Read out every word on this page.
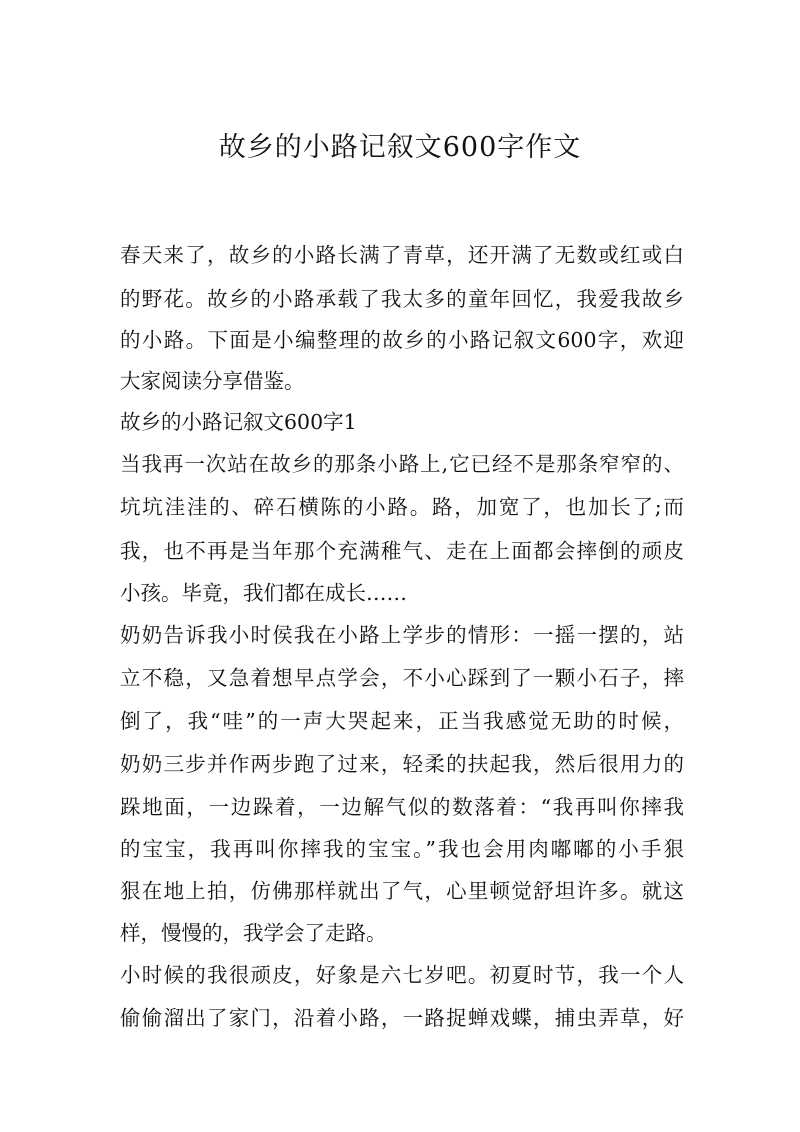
故乡的小路记叙文600字作文
春天来了，故乡的小路长满了青草，还开满了无数或红或白
的野花。故乡的小路承载了我太多的童年回忆，我爱我故乡
的小路。下面是小编整理的故乡的小路记叙文600字，欢迎
大家阅读分享借鉴。
故乡的小路记叙文600字1
当我再一次站在故乡的那条小路上,它已经不是那条窄窄的、
坑坑洼洼的、碎石横陈的小路。路，加宽了，也加长了;而
我，也不再是当年那个充满稚气、走在上面都会摔倒的顽皮
小孩。毕竟，我们都在成长……
奶奶告诉我小时侯我在小路上学步的情形：一摇一摆的，站
立不稳，又急着想早点学会，不小心踩到了一颗小石子，摔
倒了，我“哇”的一声大哭起来，正当我感觉无助的时候，
奶奶三步并作两步跑了过来，轻柔的扶起我，然后很用力的
跺地面，一边跺着，一边解气似的数落着：“我再叫你摔我
的宝宝，我再叫你摔我的宝宝。”我也会用肉嘟嘟的小手狠
狠在地上拍，仿佛那样就出了气，心里顿觉舒坦许多。就这
样，慢慢的，我学会了走路。
小时候的我很顽皮，好象是六七岁吧。初夏时节，我一个人
偷偷溜出了家门，沿着小路，一路捉蝉戏蝶，捕虫弄草，好
